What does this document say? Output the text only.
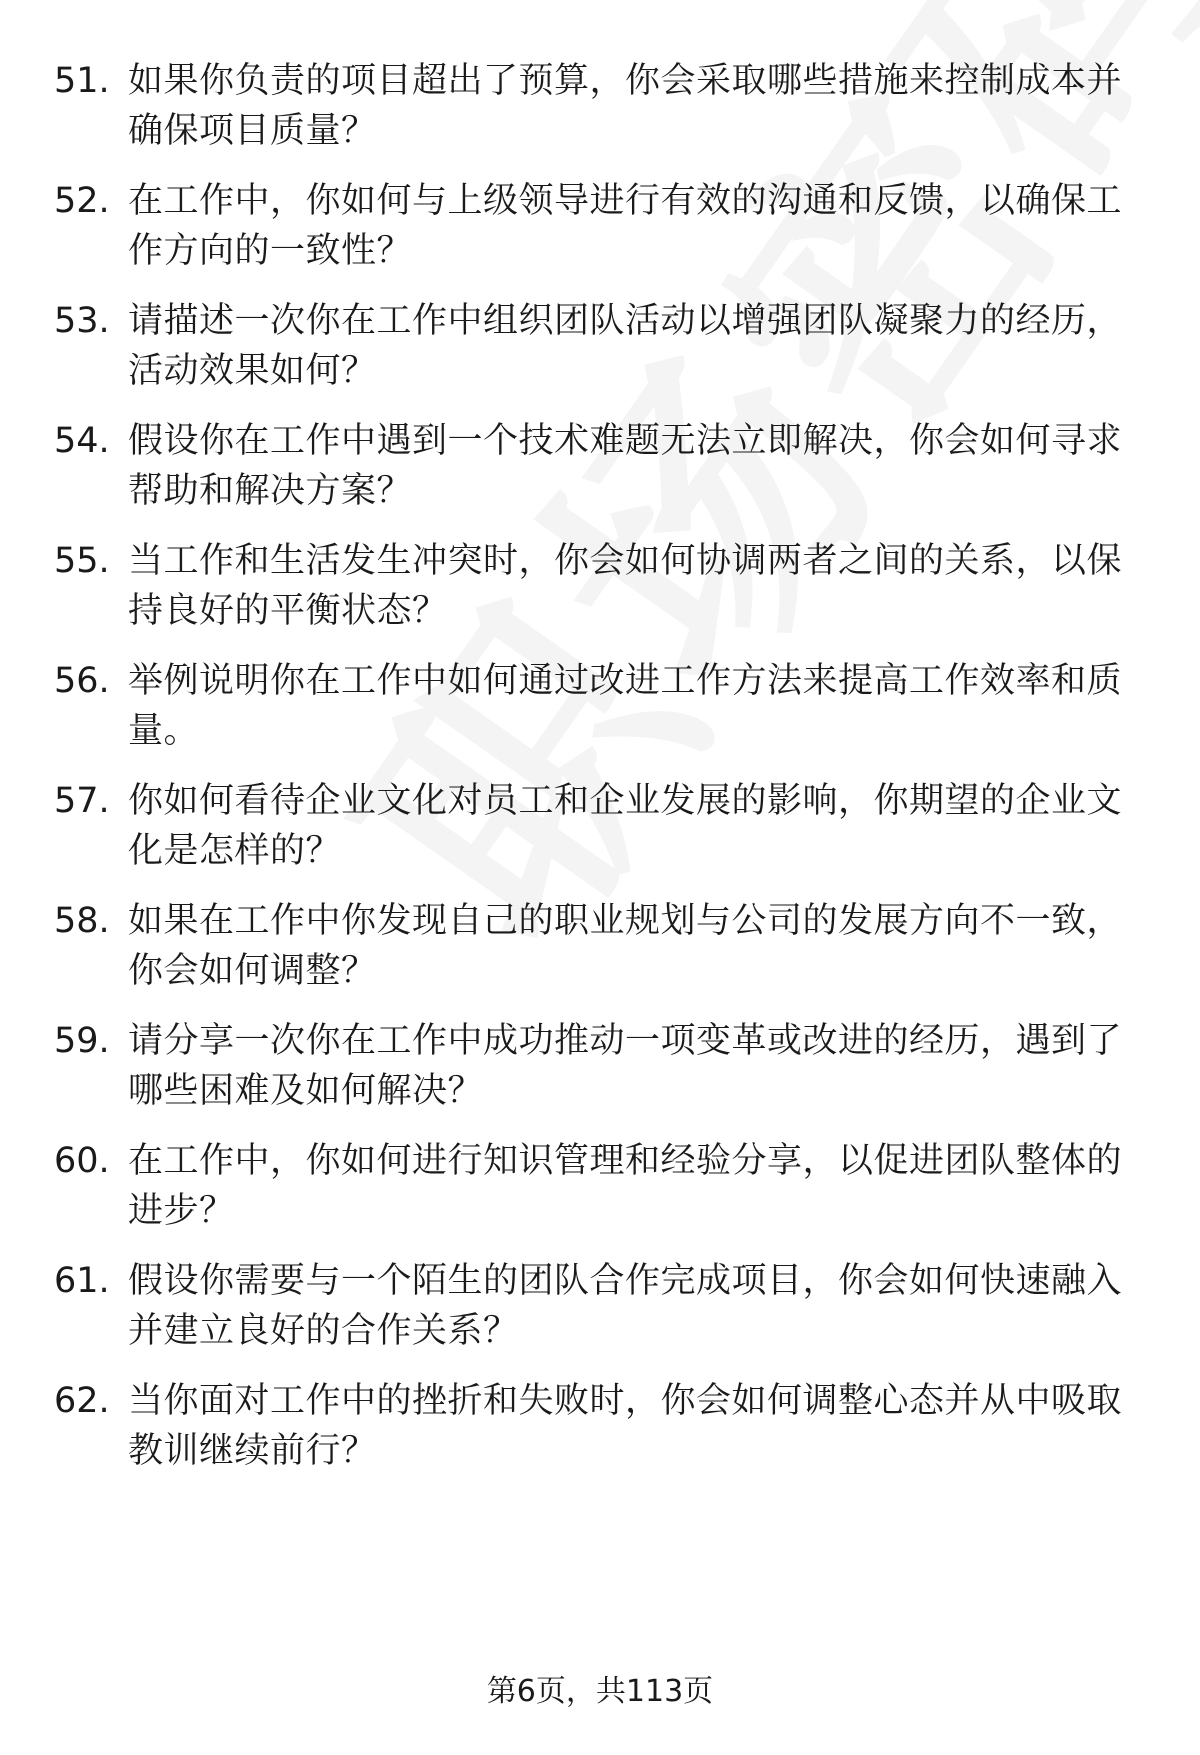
51. 如果你负责的项目超出了预算，你会采取哪些措施来控制成本并确保项目质量？
52. 在工作中，你如何与上级领导进行有效的沟通和反馈，以确保工作方向的一致性？
53. 请描述一次你在工作中组织团队活动以增强团队凝聚力的经历，活动效果如何？
54. 假设你在工作中遇到一个技术难题无法立即解决，你会如何寻求帮助和解决方案？
55. 当工作和生活发生冲突时，你会如何协调两者之间的关系，以保持良好的平衡状态？
56. 举例说明你在工作中如何通过改进工作方法来提高工作效率和质量。
57. 你如何看待企业文化对员工和企业发展的影响，你期望的企业文化是怎样的？
58. 如果在工作中你发现自己的职业规划与公司的发展方向不一致，你会如何调整？
59. 请分享一次你在工作中成功推动一项变革或改进的经历，遇到了哪些困难及如何解决？
60. 在工作中，你如何进行知识管理和经验分享，以促进团队整体的进步？
61. 假设你需要与一个陌生的团队合作完成项目，你会如何快速融入并建立良好的合作关系？
62. 当你面对工作中的挫折和失败时，你会如何调整心态并从中吸取教训继续前行？
第6页，共113页
